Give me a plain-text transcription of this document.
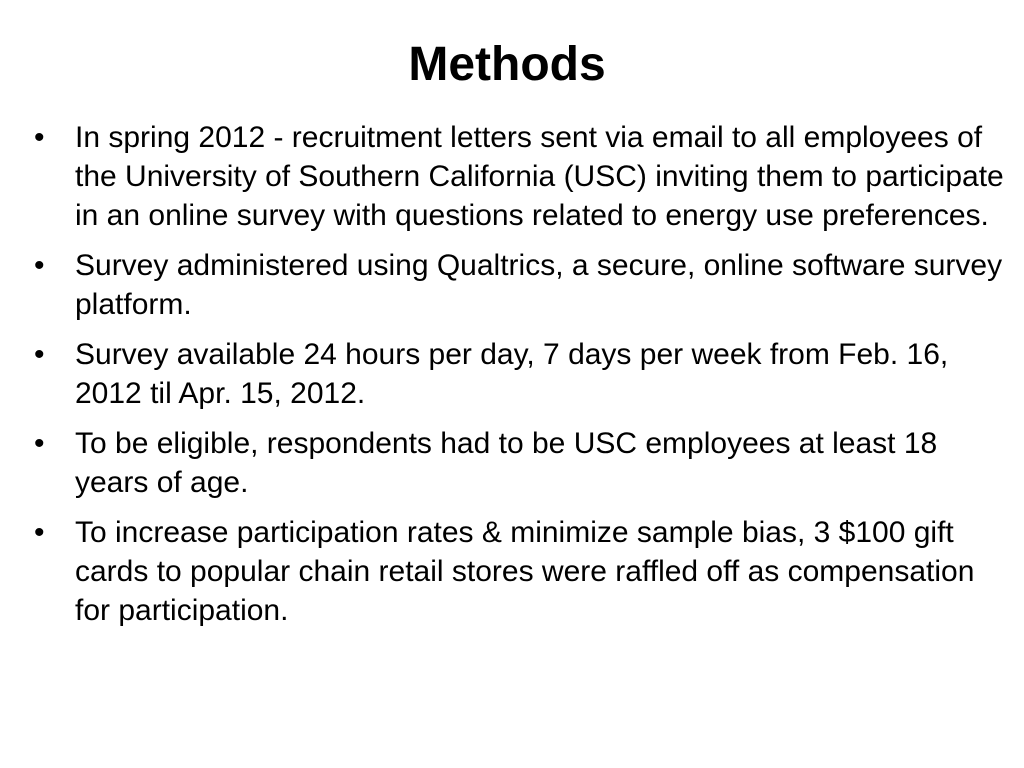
Methods
•	In spring 2012 - recruitment letters sent via email to all employees of the University of Southern California (USC) inviting them to participate in an online survey with questions related to energy use preferences.
•	Survey administered using Qualtrics, a secure, online software survey platform.
•	Survey available 24 hours per day, 7 days per week from Feb. 16, 2012 til Apr. 15, 2012.
•	To be eligible, respondents had to be USC employees at least 18 years of age.
•	To increase participation rates & minimize sample bias, 3 $100 gift cards to popular chain retail stores were raffled off as compensation for participation.
